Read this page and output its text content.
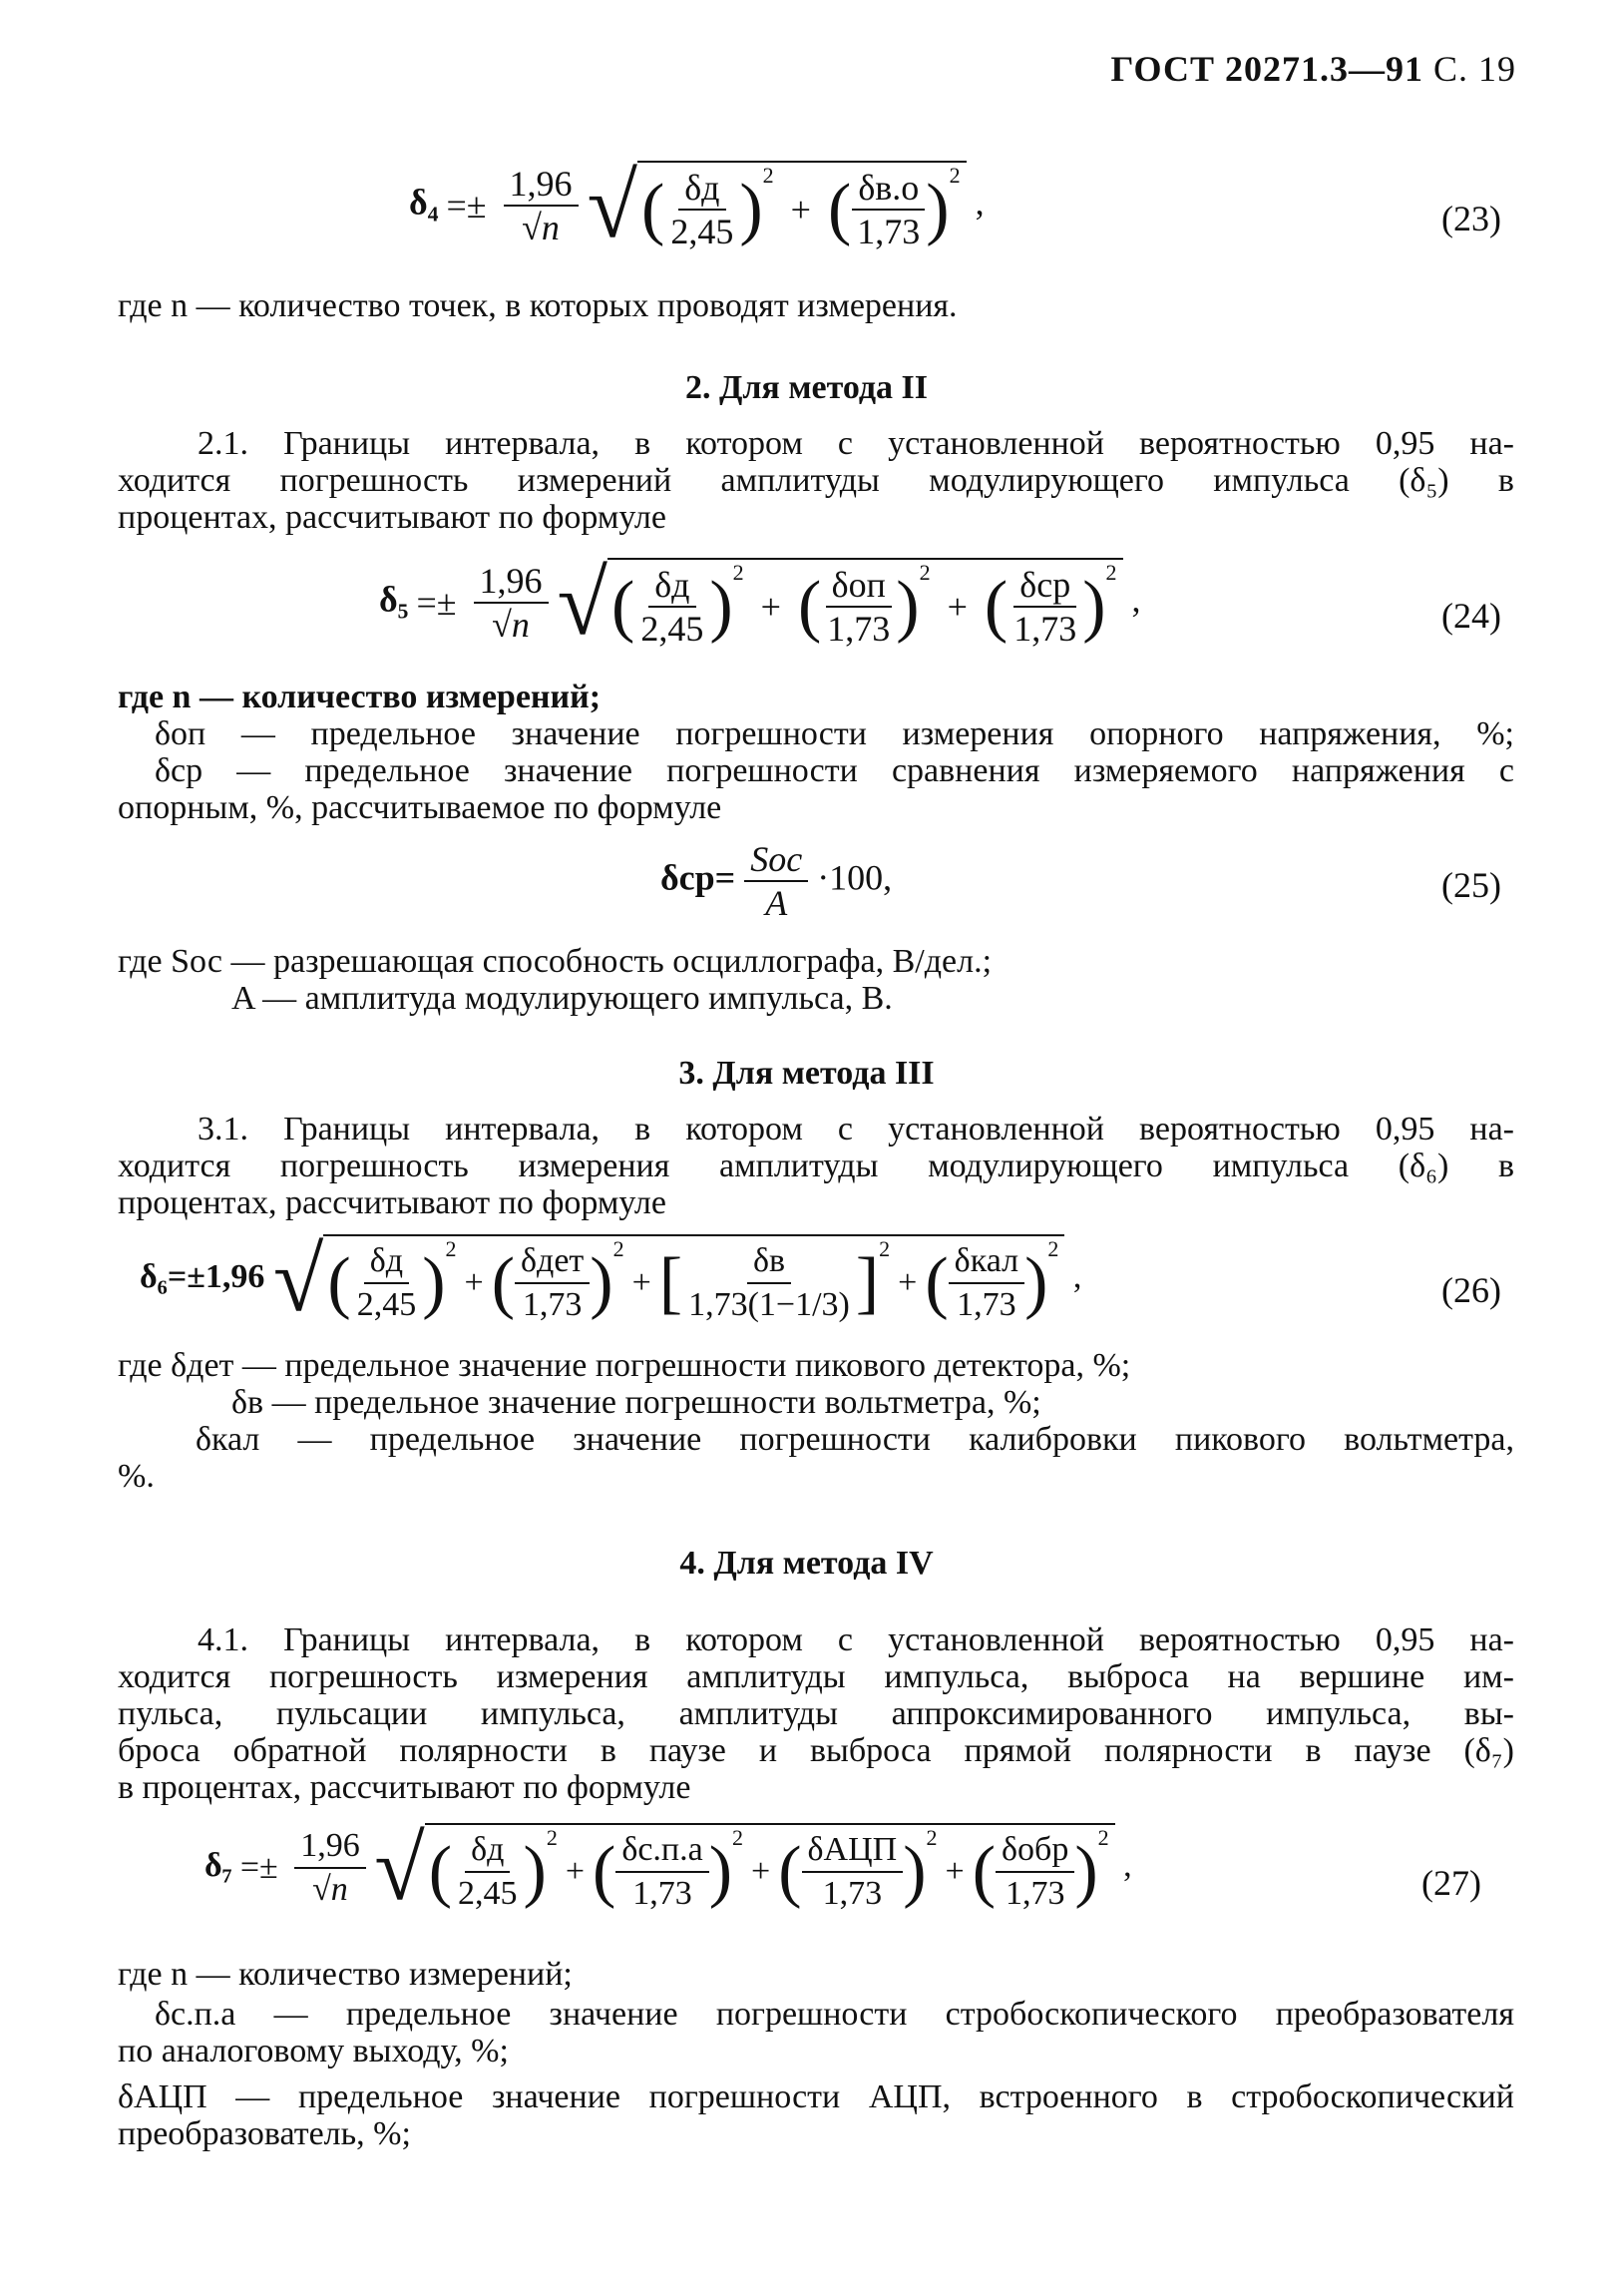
ГОСТ 20271.3—91 С. 19
$\delta_4 =\pm \frac{1,96}{√n}$ √( $\frac{\delta д}{2,45} )^2$ + ( $\frac{\delta в.о}{1,73} )^2$ ,	(23)
где n — количество точек, в которых проводят измерения.
2. Для метода II
2.1. Границы интервала, в котором с установленной вероятностью 0,95 на-
ходится погрешность измерений амплитуды модулирующего импульса (δ₅) в
процентах, рассчитывают по формуле
$\delta_5 =\pm \frac{1,96}{√n}$ √( $\frac{\delta д}{2,45} )^2$ + ( $\frac{\text{δоп}}{1,73} )^2$ + ( $\frac{\text{δср}}{1,73} )^2$ ,	(24)
где n — количество измерений;
δоп — предельное значение погрешности измерения опорного напряжения, %;
δср — предельное значение погрешности сравнения измеряемого напряжения с
опорным, %, рассчитываемое по формуле
$\delta ср= \frac{\text{Sос}}{A} \cdot 100$,	(25)
где Sос — разрешающая способность осциллографа, В/дел.;
A — амплитуда модулирующего импульса, В.
3. Для метода III
3.1. Границы интервала, в котором с установленной вероятностью 0,95 на-
ходится погрешность измерения амплитуды модулирующего импульса (δ₆) в
процентах, рассчитывают по формуле
δ₆=±1,96 √( $\frac{\delta д}{2,45} )^2+$ ( $\frac{\text{δдет}}{1,73} )^2+$ [ $\frac{\delta в}{1,73(1-1/3)} ]^2+$ ( $\frac{\text{δкал}}{1,73} )^2$ ,	(26)
где δдет — предельное значение погрешности пикового детектора, %;
δв — предельное значение погрешности вольтметра, %;
δкал — предельное значение погрешности калибровки пикового вольтметра,
%.
4. Для метода IV
4.1. Границы интервала, в котором с установленной вероятностью 0,95 на-
ходится погрешность измерения амплитуды импульса, выброса на вершине им-
пульса, пульсации импульса, амплитуды аппроксимированного импульса, вы-
броса обратной полярности в паузе и выброса прямой полярности в паузе (δ₇)
в процентах, рассчитывают по формуле
$\delta_7 =\pm \frac{1,96}{√n}$ √( $\frac{\delta д}{2,45} )^2+$ ( $\frac{\delta с.п.а}{1,73} )^2+$ ( $\frac{\text{δАЦП}}{1,73} )^2+$ ( $\frac{\text{δобр}}{1,73} )^2$ ,	(27)
где n — количество измерений;
δс.п.а — предельное значение погрешности стробоскопического преобразователя
по аналоговому выходу, %;
δАЦП — предельное значение погрешности АЦП, встроенного в стробоскопический
преобразователь, %;
